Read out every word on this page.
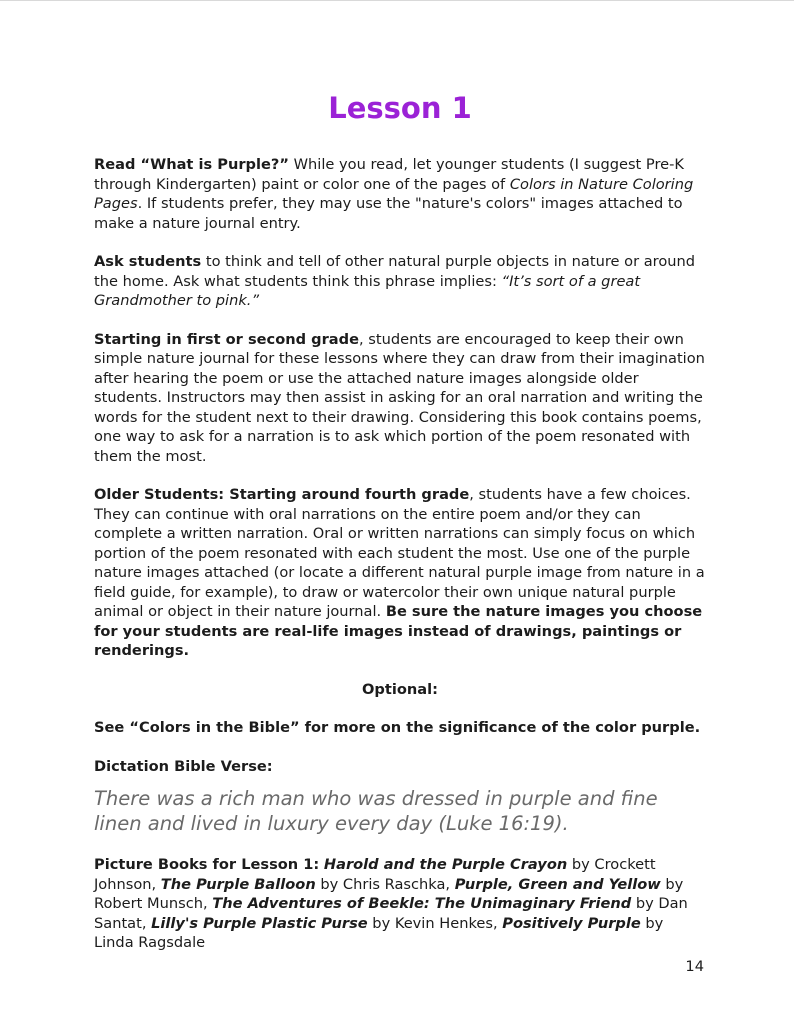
Lesson 1

Read “What is Purple?” While you read, let younger students (I suggest Pre-K through Kindergarten) paint or color one of the pages of Colors in Nature Coloring Pages. If students prefer, they may use the "nature's colors" images attached to make a nature journal entry.

Ask students to think and tell of other natural purple objects in nature or around the home. Ask what students think this phrase implies: “It’s sort of a great Grandmother to pink.”

Starting in first or second grade, students are encouraged to keep their own simple nature journal for these lessons where they can draw from their imagination after hearing the poem or use the attached nature images alongside older students. Instructors may then assist in asking for an oral narration and writing the words for the student next to their drawing. Considering this book contains poems, one way to ask for a narration is to ask which portion of the poem resonated with them the most.

Older Students: Starting around fourth grade, students have a few choices. They can continue with oral narrations on the entire poem and/or they can complete a written narration. Oral or written narrations can simply focus on which portion of the poem resonated with each student the most. Use one of the purple nature images attached (or locate a different natural purple image from nature in a field guide, for example), to draw or watercolor their own unique natural purple animal or object in their nature journal. Be sure the nature images you choose for your students are real-life images instead of drawings, paintings or renderings.

Optional:

See “Colors in the Bible” for more on the significance of the color purple.

Dictation Bible Verse:

There was a rich man who was dressed in purple and fine linen and lived in luxury every day (Luke 16:19).

Picture Books for Lesson 1: Harold and the Purple Crayon by Crockett Johnson, The Purple Balloon by Chris Raschka, Purple, Green and Yellow by Robert Munsch, The Adventures of Beekle: The Unimaginary Friend by Dan Santat, Lilly's Purple Plastic Purse by Kevin Henkes, Positively Purple by Linda Ragsdale

14
